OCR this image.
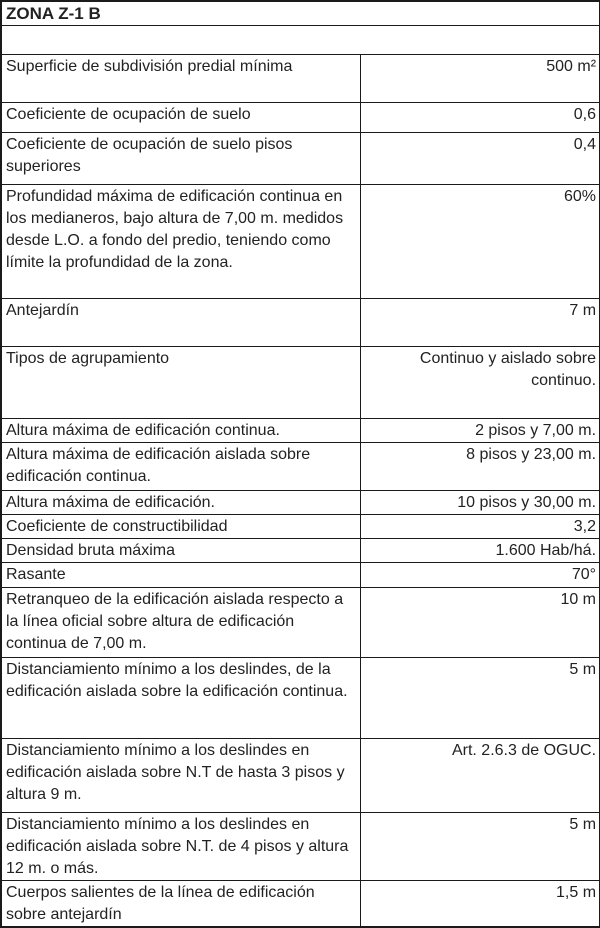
ZONA Z-1 B	

Superficie de subdivisión predial mínima	500 m²
Coeficiente de ocupación de suelo	0,6
Coeficiente de ocupación de suelo pisos superiores	0,4
Profundidad máxima de edificación continua en los medianeros, bajo altura de 7,00 m. medidos desde L.O. a fondo del predio, teniendo como límite la profundidad de la zona.	60%
Antejardín	7 m
Tipos de agrupamiento	Continuo y aislado sobre continuo.
Altura máxima de edificación continua.	2 pisos y 7,00 m.
Altura máxima de edificación aislada sobre edificación continua.	8 pisos y 23,00 m.
Altura máxima de edificación.	10 pisos y 30,00 m.
Coeficiente de constructibilidad	3,2
Densidad bruta máxima	1.600 Hab/há.
Rasante	70°
Retranqueo de la edificación aislada respecto a la línea oficial sobre altura de edificación continua de 7,00 m.	10 m
Distanciamiento mínimo a los deslindes, de la edificación aislada sobre la edificación continua.	5 m
Distanciamiento mínimo a los deslindes en edificación aislada sobre N.T de hasta 3 pisos y altura 9 m.	Art. 2.6.3 de OGUC.
Distanciamiento mínimo a los deslindes en edificación aislada sobre N.T. de 4 pisos y altura 12 m. o más.	5 m
Cuerpos salientes de la línea de edificación sobre antejardín	1,5 m
